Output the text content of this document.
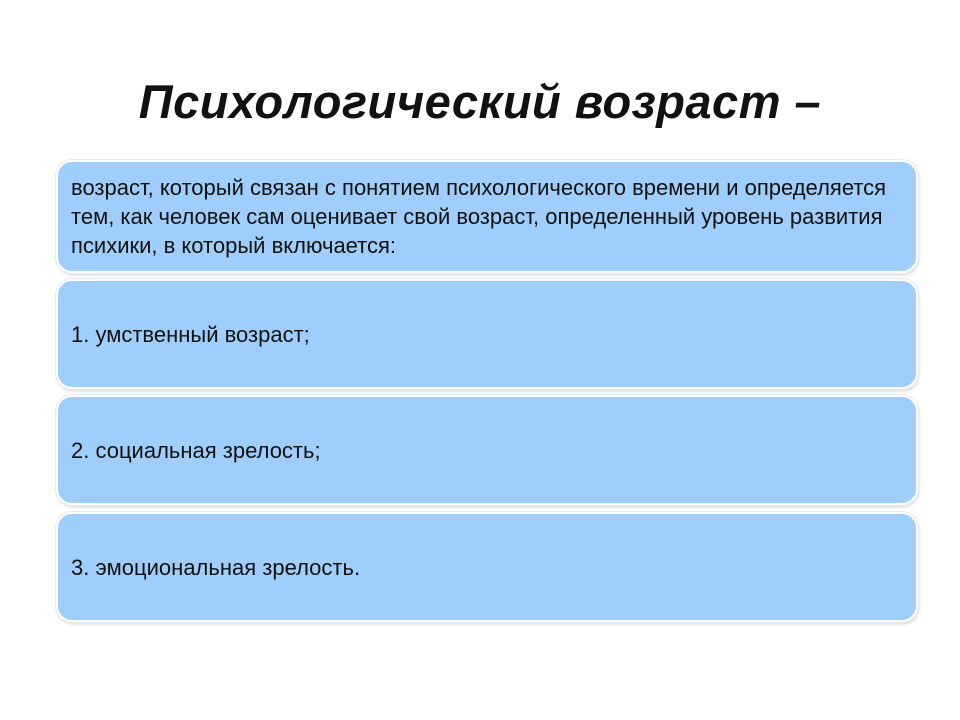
Психологический возраст –
возраст, который связан с понятием психологического времени и определяется тем, как человек сам оценивает свой возраст, определенный уровень развития психики, в который включается:
1. умственный возраст;
2. социальная зрелость;
3. эмоциональная зрелость.
